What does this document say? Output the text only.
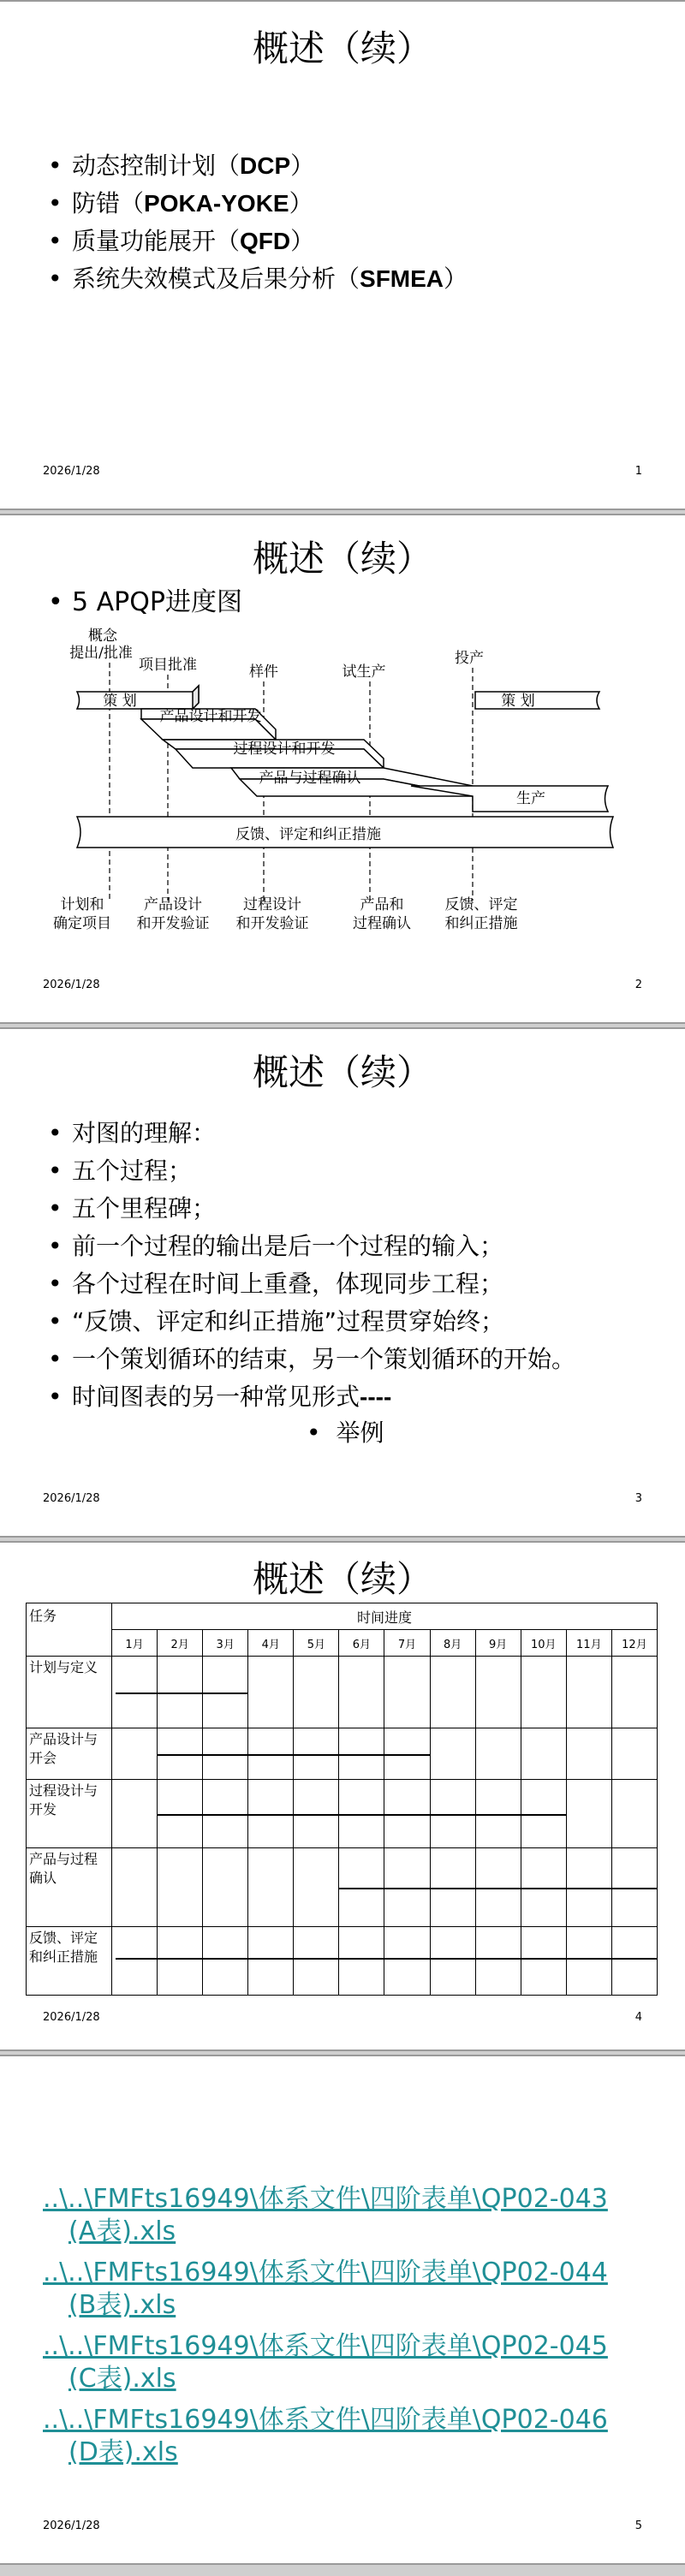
概述（续）
• 动态控制计划（DCP）
• 防错（POKA-YOKE）
• 质量功能展开（QFD）
• 系统失效模式及后果分析（SFMEA）
2026/1/28	1
概述（续）
• 5 APQP进度图
概念
提出/批准
项目批准	样件	试生产
投产
策 划	策 划
产品设计和开发
过程设计和开发
产品与过程确认
生产
反馈、评定和纠正措施
计划和
确定项目
产品设计
和开发验证
过程设计
和开发验证
产品和
过程确认
反馈、评定
和纠正措施
2026/1/28	2
概述（续）
• 对图的理解：
• 五个过程；
• 五个里程碑；
• 前一个过程的输出是后一个过程的输入；
• 各个过程在时间上重叠，体现同步工程；
• “反馈、评定和纠正措施”过程贯穿始终；
• 一个策划循环的结束，另一个策划循环的开始。
• 时间图表的另一种常见形式----
• 举例
2026/1/28	3
概述（续）
任务	时间进度											
	1月	2月	3月	4月	5月	6月	7月	8月	9月	10月	11月	12月
计划与定义												
产品设计与开会												
过程设计与开发												
产品与过程确认												
反馈、评定和纠正措施												
2026/1/28	4
..\..\FMFts16949\体系文件\四阶表单\QP02-043
(A表).xls
..\..\FMFts16949\体系文件\四阶表单\QP02-044
(B表).xls
..\..\FMFts16949\体系文件\四阶表单\QP02-045
(C表).xls
..\..\FMFts16949\体系文件\四阶表单\QP02-046
(D表).xls
2026/1/28	5
